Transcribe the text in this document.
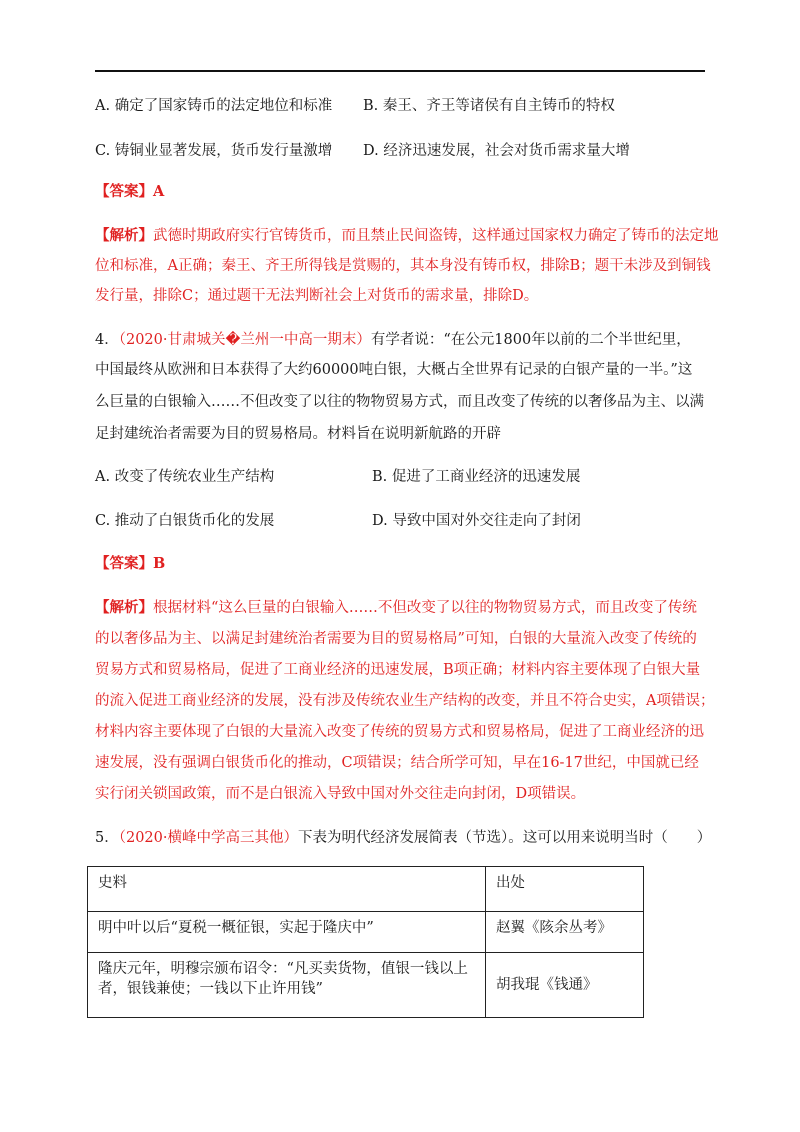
A. 确定了国家铸币的法定地位和标准 B. 秦王、齐王等诸侯有自主铸币的特权
C. 铸铜业显著发展，货币发行量激增 D. 经济迅速发展，社会对货币需求量大增
【答案】A
【解析】武德时期政府实行官铸货币，而且禁止民间盗铸，这样通过国家权力确定了铸币的法定地
位和标准，A正确；秦王、齐王所得钱是赏赐的，其本身没有铸币权，排除B；题干未涉及到铜钱
发行量，排除C；通过题干无法判断社会上对货币的需求量，排除D。
4．（2020·甘肃城关�兰州一中高一期末）有学者说：“在公元1800年以前的二个半世纪里，
中国最终从欧洲和日本获得了大约60000吨白银，大概占全世界有记录的白银产量的一半。”这
么巨量的白银输入……不但改变了以往的物物贸易方式，而且改变了传统的以奢侈品为主、以满
足封建统治者需要为目的贸易格局。材料旨在说明新航路的开辟
A. 改变了传统农业生产结构	B. 促进了工商业经济的迅速发展
C. 推动了白银货币化的发展	D. 导致中国对外交往走向了封闭
【答案】B
【解析】根据材料“这么巨量的白银输入……不但改变了以往的物物贸易方式，而且改变了传统
的以奢侈品为主、以满足封建统治者需要为目的贸易格局”可知，白银的大量流入改变了传统的
贸易方式和贸易格局，促进了工商业经济的迅速发展，B项正确；材料内容主要体现了白银大量
的流入促进工商业经济的发展，没有涉及传统农业生产结构的改变，并且不符合史实，A项错误；
材料内容主要体现了白银的大量流入改变了传统的贸易方式和贸易格局，促进了工商业经济的迅
速发展，没有强调白银货币化的推动，C项错误；结合所学可知，早在16-17世纪，中国就已经
实行闭关锁国政策，而不是白银流入导致中国对外交往走向封闭，D项错误。
5．（2020·横峰中学高三其他）下表为明代经济发展简表（节选）。这可以用来说明当时（　　）
史料	出处
明中叶以后“夏税一概征银，实起于隆庆中”	赵翼《陔余丛考》
隆庆元年，明穆宗颁布诏令：“凡买卖货物，值银一钱以上者，银钱兼使；一钱以下止许用钱”	胡我琨《钱通》
